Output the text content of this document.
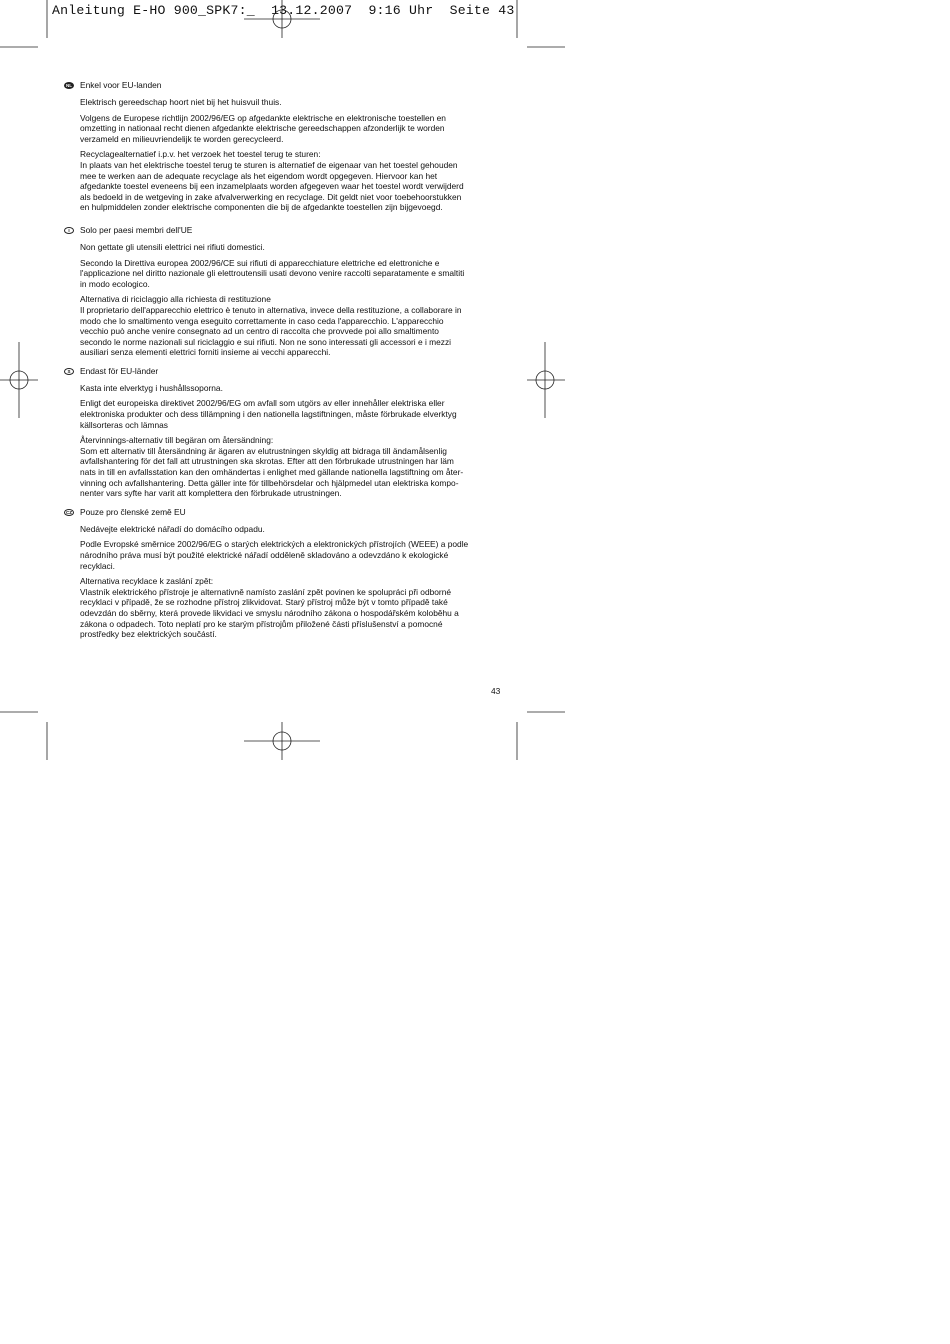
Anleitung E-HO 900_SPK7:_  13.12.2007  9:16 Uhr  Seite 43
NL Enkel voor EU-landen
Elektrisch gereedschap hoort niet bij het huisvuil thuis.
Volgens de Europese richtlijn 2002/96/EG op afgedankte elektrische en elektronische toestellen en
omzetting in nationaal recht dienen afgedankte elektrische gereedschappen afzonderlijk te worden
verzameld en milieuvriendelijk te worden gerecycleerd.
Recyclagealternatief i.p.v. het verzoek het toestel terug te sturen:
In plaats van het elektrische toestel terug te sturen is alternatief de eigenaar van het toestel gehouden
mee te werken aan de adequate recyclage als het eigendom wordt opgegeven. Hiervoor kan het
afgedankte toestel eveneens bij een inzamelplaats worden afgegeven waar het toestel wordt verwijderd
als bedoeld in de wetgeving in zake afvalverwerking en recyclage. Dit geldt niet voor toebehoorstukken
en hulpmiddelen zonder elektrische componenten die bij de afgedankte toestellen zijn bijgevoegd.
I	Solo per paesi membri dell'UE
Non gettate gli utensili elettrici nei rifiuti domestici.
Secondo la Direttiva europea 2002/96/CE sui rifiuti di apparecchiature elettriche ed elettroniche e
l'applicazione nel diritto nazionale gli elettroutensili usati devono venire raccolti separatamente e smaltiti
in modo ecologico.
Alternativa di riciclaggio alla richiesta di restituzione
Il proprietario dell'apparecchio elettrico è tenuto in alternativa, invece della restituzione, a collaborare in
modo che lo smaltimento venga eseguito correttamente in caso ceda l'apparecchio. L'apparecchio
vecchio può anche venire consegnato ad un centro di raccolta che provvede poi allo smaltimento
secondo le norme nazionali sul riciclaggio e sui rifiuti. Non ne sono interessati gli accessori e i mezzi
ausiliari senza elementi elettrici forniti insieme ai vecchi apparecchi.
S	Endast för EU-länder
Kasta inte elverktyg i hushållssoporna.
Enligt det europeiska direktivet 2002/96/EG om avfall som utgörs av eller innehåller elektriska eller
elektroniska produkter och dess tillämpning i den nationella lagstiftningen, måste förbrukade elverktyg
källsorteras och lämnas
Återvinnings-alternativ till begäran om återsändning:
Som ett alternativ till återsändning är ägaren av elutrustningen skyldig att bidraga till ändamålsenlig
avfallshantering för det fall att utrustningen ska skrotas. Efter att den förbrukade utrustningen har läm
nats in till en avfallsstation kan den omhändertas i enlighet med gällande nationella lagstiftning om åter-
vinning och avfallshantering. Detta gäller inte för tillbehörsdelar och hjälpmedel utan elektriska kompo-
nenter vars syfte har varit att komplettera den förbrukade utrustningen.
CZ Pouze pro členské země EU
Nedávejte elektrické nářadí do domácího odpadu.
Podle Evropské směrnice 2002/96/EG o starých elektrických a elektronických přístrojích (WEEE) a podle
národního práva musí být použité elektrické nářadí odděleně skladováno a odevzdáno k ekologické
recyklaci.
Alternativa recyklace k zaslání zpět:
Vlastník elektrického přístroje je alternativně namísto zaslání zpět povinen ke spolupráci při odborné
recyklaci v případě, že se rozhodne přístroj zlikvidovat. Starý přístroj může být v tomto případě také
odevzdán do sběrny, která provede likvidaci ve smyslu národního zákona o hospodářském koloběhu a
zákona o odpadech. Toto neplatí pro ke starým přístrojům přiložené části příslušenství a pomocné
prostředky bez elektrických součástí.
43
